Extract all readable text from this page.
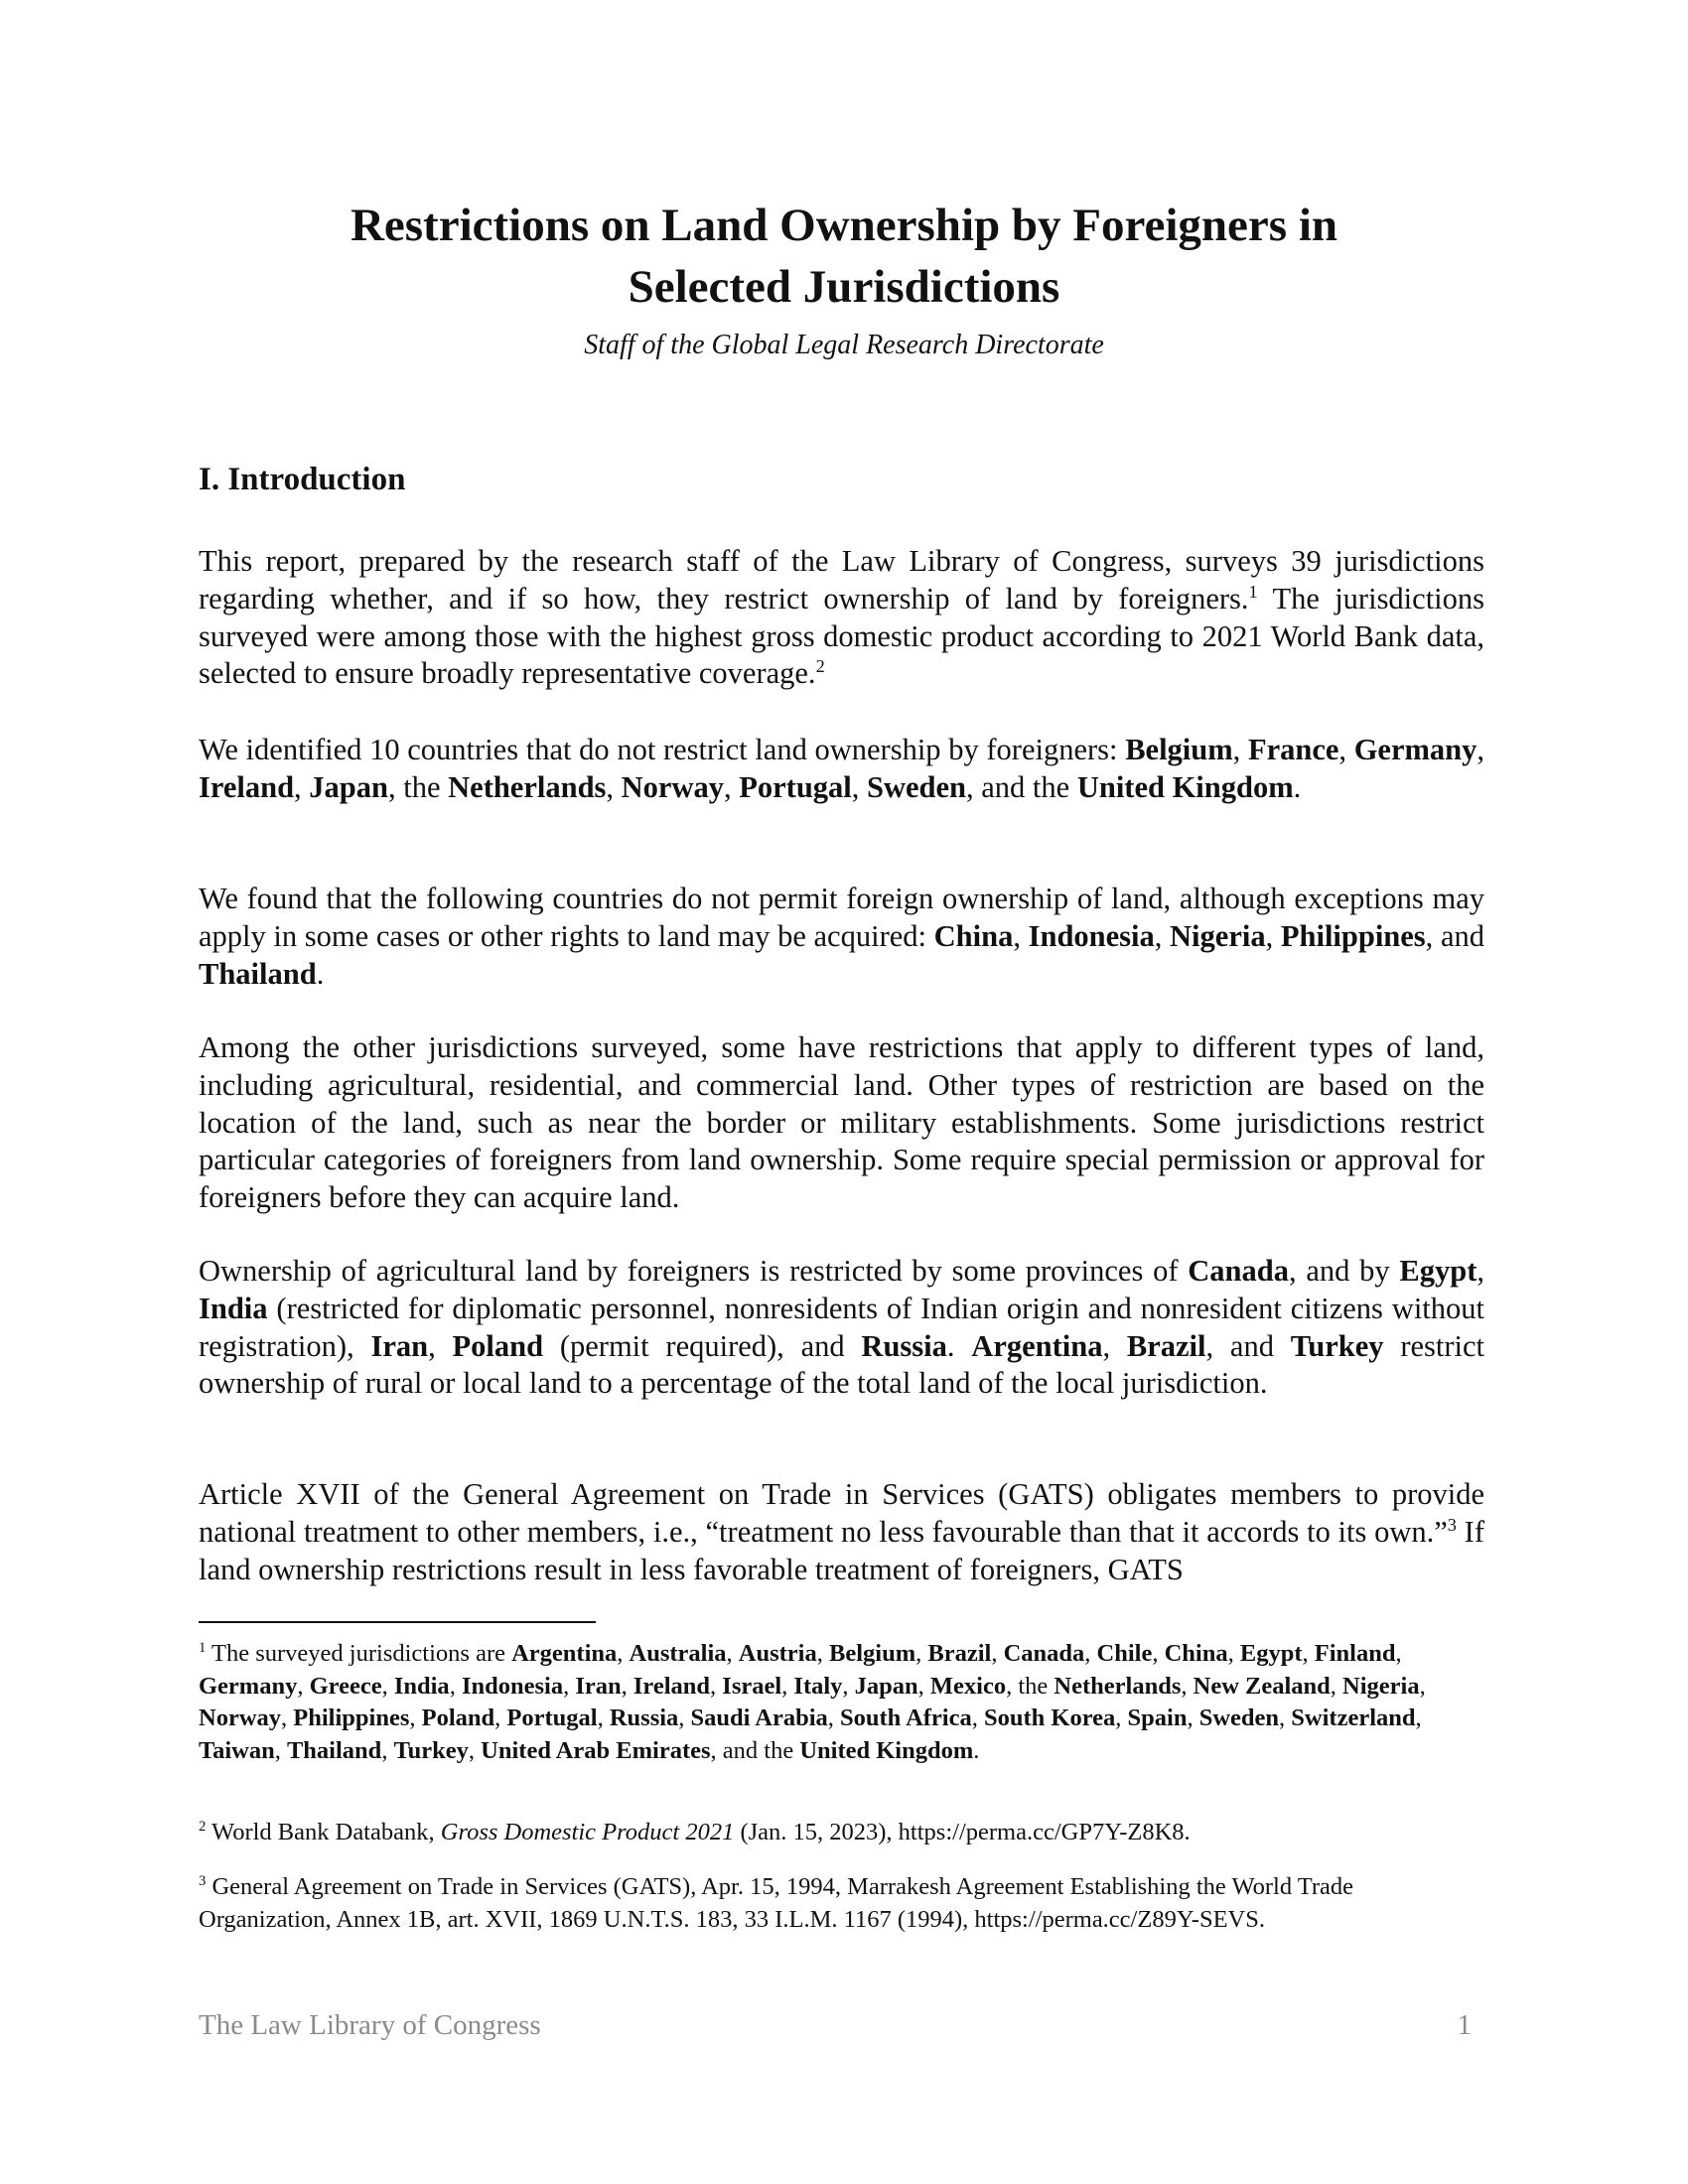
Restrictions on Land Ownership by Foreigners in
Selected Jurisdictions
Staff of the Global Legal Research Directorate
I. Introduction

This report, prepared by the research staff of the Law Library of Congress, surveys 39 jurisdictions regarding whether, and if so how, they restrict ownership of land by foreigners.$^1$ The jurisdictions surveyed were among those with the highest gross domestic product according to 2021 World Bank data, selected to ensure broadly representative coverage.$^2$

We identified 10 countries that do not restrict land ownership by foreigners: Belgium, France, Germany, Ireland, Japan, the Netherlands, Norway, Portugal, Sweden, and the United Kingdom.

We found that the following countries do not permit foreign ownership of land, although exceptions may apply in some cases or other rights to land may be acquired: China, Indonesia, Nigeria, Philippines, and Thailand.

Among the other jurisdictions surveyed, some have restrictions that apply to different types of land, including agricultural, residential, and commercial land. Other types of restriction are based on the location of the land, such as near the border or military establishments. Some jurisdictions restrict particular categories of foreigners from land ownership. Some require special permission or approval for foreigners before they can acquire land.

Ownership of agricultural land by foreigners is restricted by some provinces of Canada, and by Egypt, India (restricted for diplomatic personnel, nonresidents of Indian origin and nonresident citizens without registration), Iran, Poland (permit required), and Russia. Argentina, Brazil, and Turkey restrict ownership of rural or local land to a percentage of the total land of the local jurisdiction.

Article XVII of the General Agreement on Trade in Services (GATS) obligates members to provide national treatment to other members, i.e., “treatment no less favourable than that it accords to its own.”$^3$ If land ownership restrictions result in less favorable treatment of foreigners, GATS

$^1$ The surveyed jurisdictions are Argentina, Australia, Austria, Belgium, Brazil, Canada, Chile, China, Egypt, Finland, Germany, Greece, India, Indonesia, Iran, Ireland, Israel, Italy, Japan, Mexico, the Netherlands, New Zealand, Nigeria, Norway, Philippines, Poland, Portugal, Russia, Saudi Arabia, South Africa, South Korea, Spain, Sweden, Switzerland, Taiwan, Thailand, Turkey, United Arab Emirates, and the United Kingdom.

$^2$ World Bank Databank, Gross Domestic Product 2021 (Jan. 15, 2023), https://perma.cc/GP7Y-Z8K8.

$^3$ General Agreement on Trade in Services (GATS), Apr. 15, 1994, Marrakesh Agreement Establishing the World Trade Organization, Annex 1B, art. XVII, 1869 U.N.T.S. 183, 33 I.L.M. 1167 (1994), https://perma.cc/Z89Y-SEVS.

The Law Library of Congress	1
